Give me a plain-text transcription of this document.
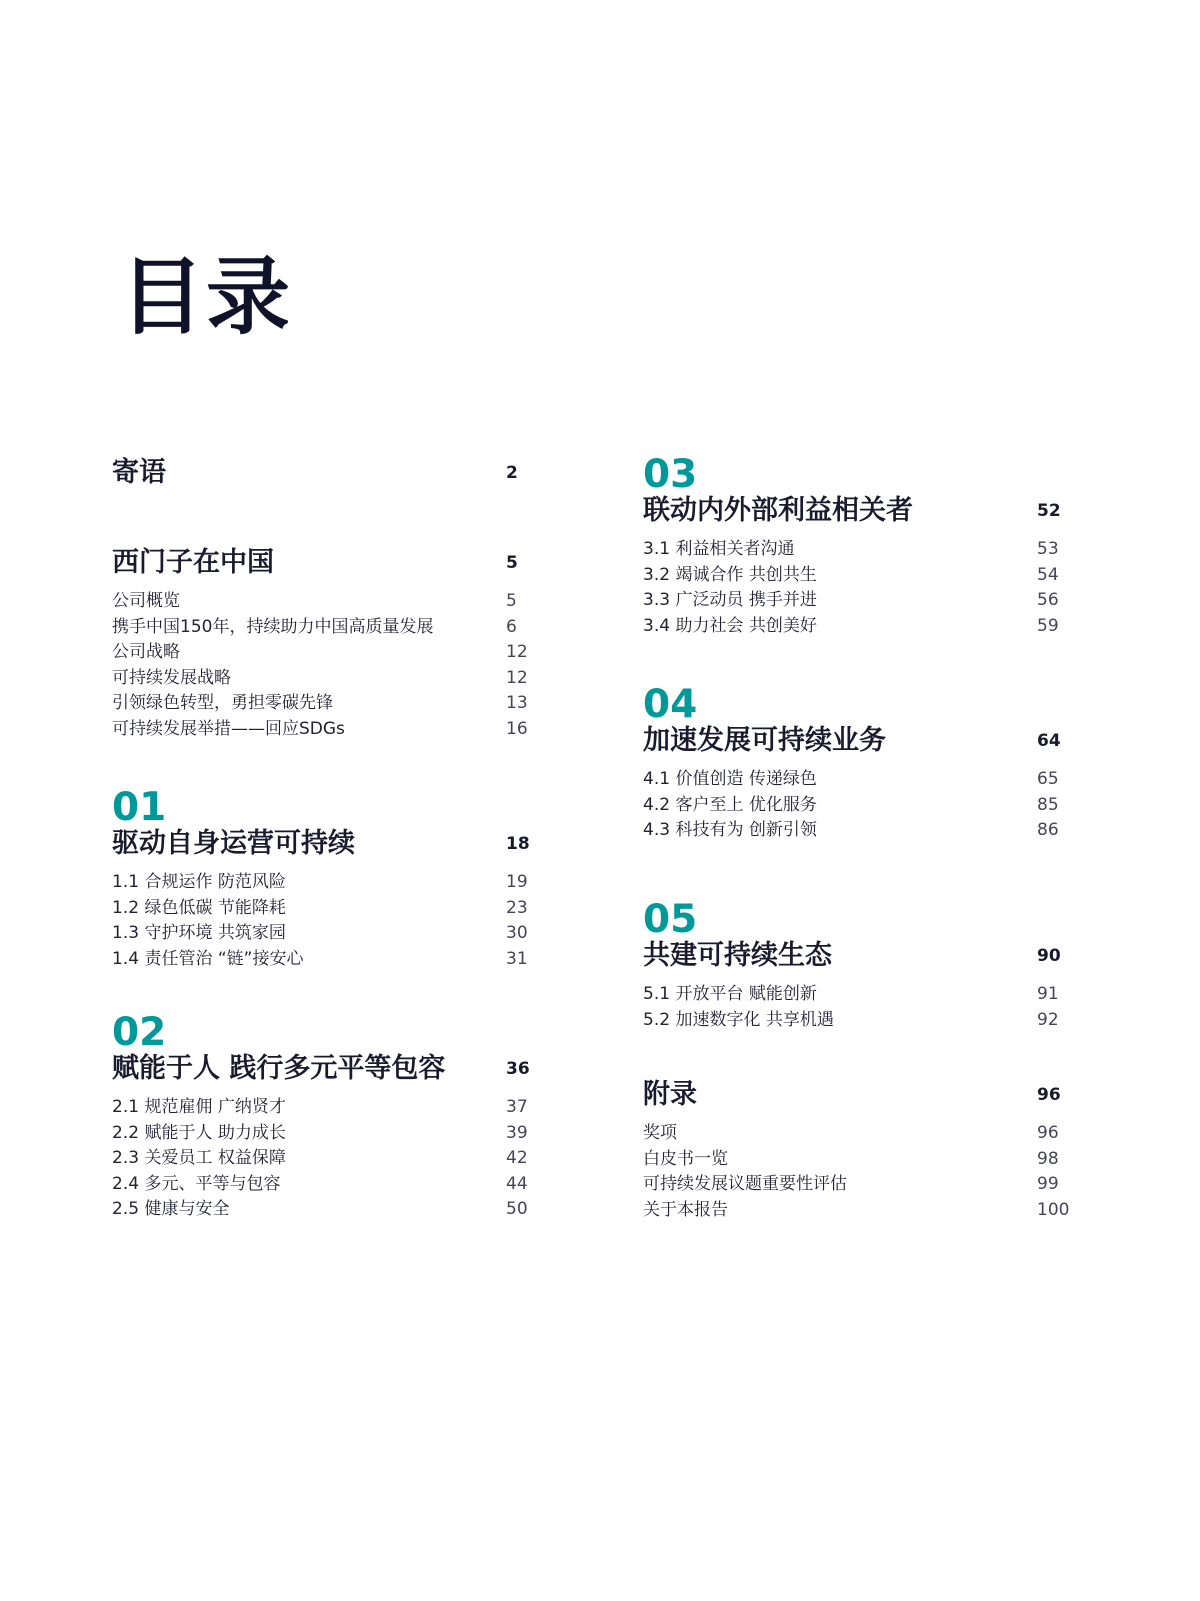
目录
寄语	2
西门子在中国	5
公司概览	5
携手中国150年，持续助力中国高质量发展	6
公司战略	12
可持续发展战略	12
引领绿色转型，勇担零碳先锋	13
可持续发展举措——回应SDGs	16
01
驱动自身运营可持续	18
1.1 合规运作 防范风险	19
1.2 绿色低碳 节能降耗	23
1.3 守护环境 共筑家园	30
1.4 责任管治 “链”接安心	31
02
赋能于人 践行多元平等包容	36
2.1 规范雇佣 广纳贤才	37
2.2 赋能于人 助力成长	39
2.3 关爱员工 权益保障	42
2.4 多元、平等与包容	44
2.5 健康与安全	50
03
联动内外部利益相关者	52
3.1 利益相关者沟通	53
3.2 竭诚合作 共创共生	54
3.3 广泛动员 携手并进	56
3.4 助力社会 共创美好	59
04
加速发展可持续业务	64
4.1 价值创造 传递绿色	65
4.2 客户至上 优化服务	85
4.3 科技有为 创新引领	86
05
共建可持续生态	90
5.1 开放平台 赋能创新	91
5.2 加速数字化 共享机遇	92
附录	96
奖项	96
白皮书一览	98
可持续发展议题重要性评估	99
关于本报告	100
